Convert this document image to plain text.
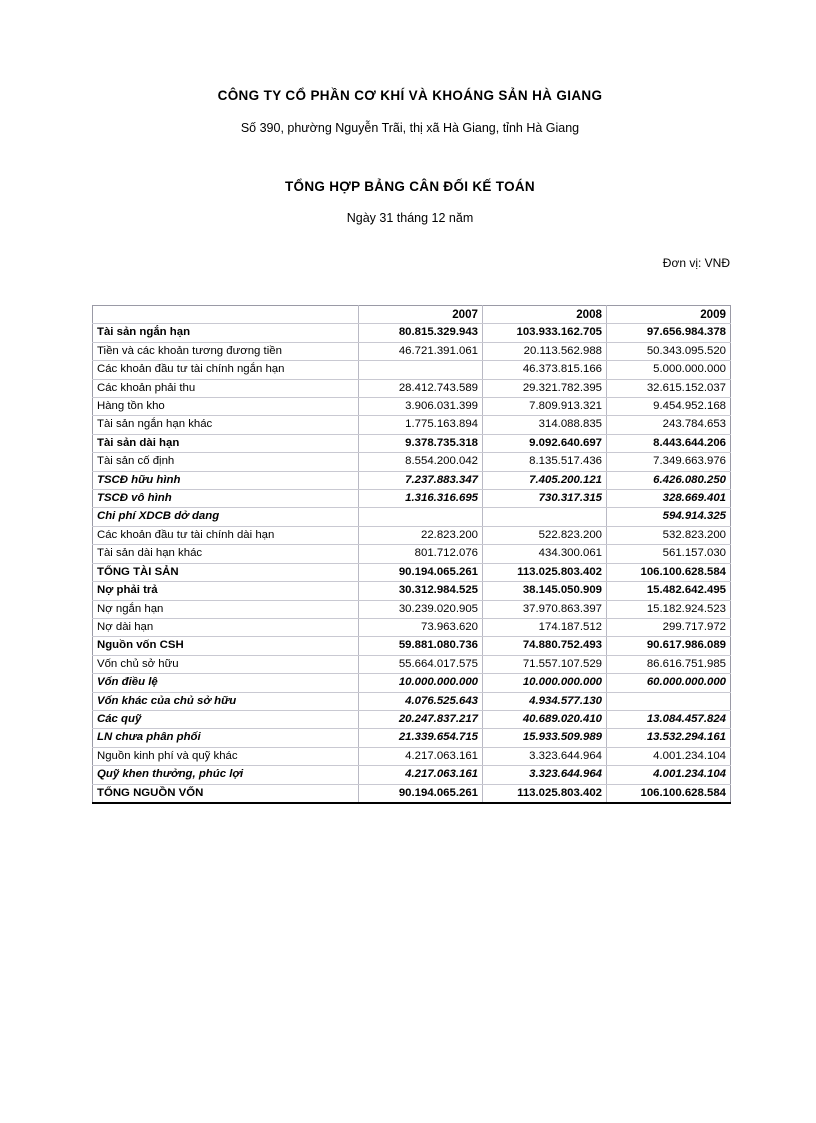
CÔNG TY CỔ PHẦN CƠ KHÍ VÀ KHOÁNG SẢN HÀ GIANG
Số 390, phường Nguyễn Trãi, thị xã Hà Giang, tỉnh Hà Giang
TỔNG HỢP BẢNG CÂN ĐỐI KẾ TOÁN
Ngày 31 tháng 12 năm
Đơn vị: VNĐ
	2007	2008	2009
Tài sản ngắn hạn	80.815.329.943	103.933.162.705	97.656.984.378
Tiền và các khoản tương đương tiền	46.721.391.061	20.113.562.988	50.343.095.520
Các khoản đầu tư tài chính ngắn hạn		46.373.815.166	5.000.000.000
Các khoản phải thu	28.412.743.589	29.321.782.395	32.615.152.037
Hàng tồn kho	3.906.031.399	7.809.913.321	9.454.952.168
Tài sản ngắn hạn khác	1.775.163.894	314.088.835	243.784.653
Tài sản dài hạn	9.378.735.318	9.092.640.697	8.443.644.206
Tài sản cố định	8.554.200.042	8.135.517.436	7.349.663.976
TSCĐ hữu hình	7.237.883.347	7.405.200.121	6.426.080.250
TSCĐ vô hình	1.316.316.695	730.317.315	328.669.401
Chi phí XDCB dở dang			594.914.325
Các khoản đầu tư tài chính dài hạn	22.823.200	522.823.200	532.823.200
Tài sản dài hạn khác	801.712.076	434.300.061	561.157.030
TỔNG TÀI SẢN	90.194.065.261	113.025.803.402	106.100.628.584
Nợ phải trả	30.312.984.525	38.145.050.909	15.482.642.495
Nợ ngắn hạn	30.239.020.905	37.970.863.397	15.182.924.523
Nợ dài hạn	73.963.620	174.187.512	299.717.972
Nguồn vốn CSH	59.881.080.736	74.880.752.493	90.617.986.089
Vốn chủ sở hữu	55.664.017.575	71.557.107.529	86.616.751.985
Vốn điều lệ	10.000.000.000	10.000.000.000	60.000.000.000
Vốn khác của chủ sở hữu	4.076.525.643	4.934.577.130	
Các quỹ	20.247.837.217	40.689.020.410	13.084.457.824
LN chưa phân phối	21.339.654.715	15.933.509.989	13.532.294.161
Nguồn kinh phí và quỹ khác	4.217.063.161	3.323.644.964	4.001.234.104
Quỹ khen thưởng, phúc lợi	4.217.063.161	3.323.644.964	4.001.234.104
TỔNG NGUỒN VỐN	90.194.065.261	113.025.803.402	106.100.628.584
